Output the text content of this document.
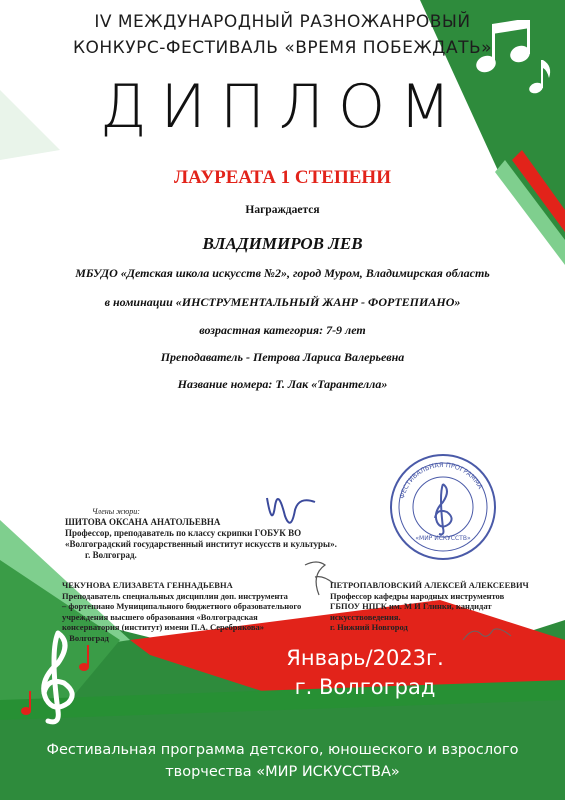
IV МЕЖДУНАРОДНЫЙ РАЗНОЖАНРОВЫЙ
КОНКУРС-ФЕСТИВАЛЬ «ВРЕМЯ ПОБЕЖДАТЬ»
ДИПЛОМ
ЛАУРЕАТА 1 СТЕПЕНИ
Награждается
ВЛАДИМИРОВ ЛЕВ
МБУДО «Детская школа искусств №2», город Муром, Владимирская область
в номинации «ИНСТРУМЕНТАЛЬНЫЙ ЖАНР - ФОРТЕПИАНО»
возрастная категория: 7-9 лет
Преподаватель - Петрова Лариса Валерьевна
Название номера: Т. Лак «Тарантелла»
ФЕСТИВАЛЬНАЯ ПРОГРАММА
«МИР ИСКУССТВ»
Члены жюри:
ШИТОВА ОКСАНА АНАТОЛЬЕВНА
Профессор, преподаватель по классу скрипки ГОБУК ВО
«Волгоградский государственный институт искусств и культуры».
г. Волгоград.
ЧЕКУНОВА ЕЛИЗАВЕТА ГЕННАДЬЕВНА
Преподаватель специальных дисциплин доп. инструмента
– фортепиано Муниципального бюджетного образовательного
учреждения высшего образования «Волгоградская
консерватория (институт) имени П.А. Серебрякова»
г. Волгоград
ПЕТРОПАВЛОВСКИЙ АЛЕКСЕЙ АЛЕКСЕЕВИЧ
Профессор кафедры народных инструментов
ГБПОУ НПГК им. М И Глинки, кандидат
искусствоведения.
г. Нижний Новгород
Январь/2023г.
г. Волгоград
Фестивальная программа детского, юношеского и взрослого
творчества «МИР ИСКУССТВА»
